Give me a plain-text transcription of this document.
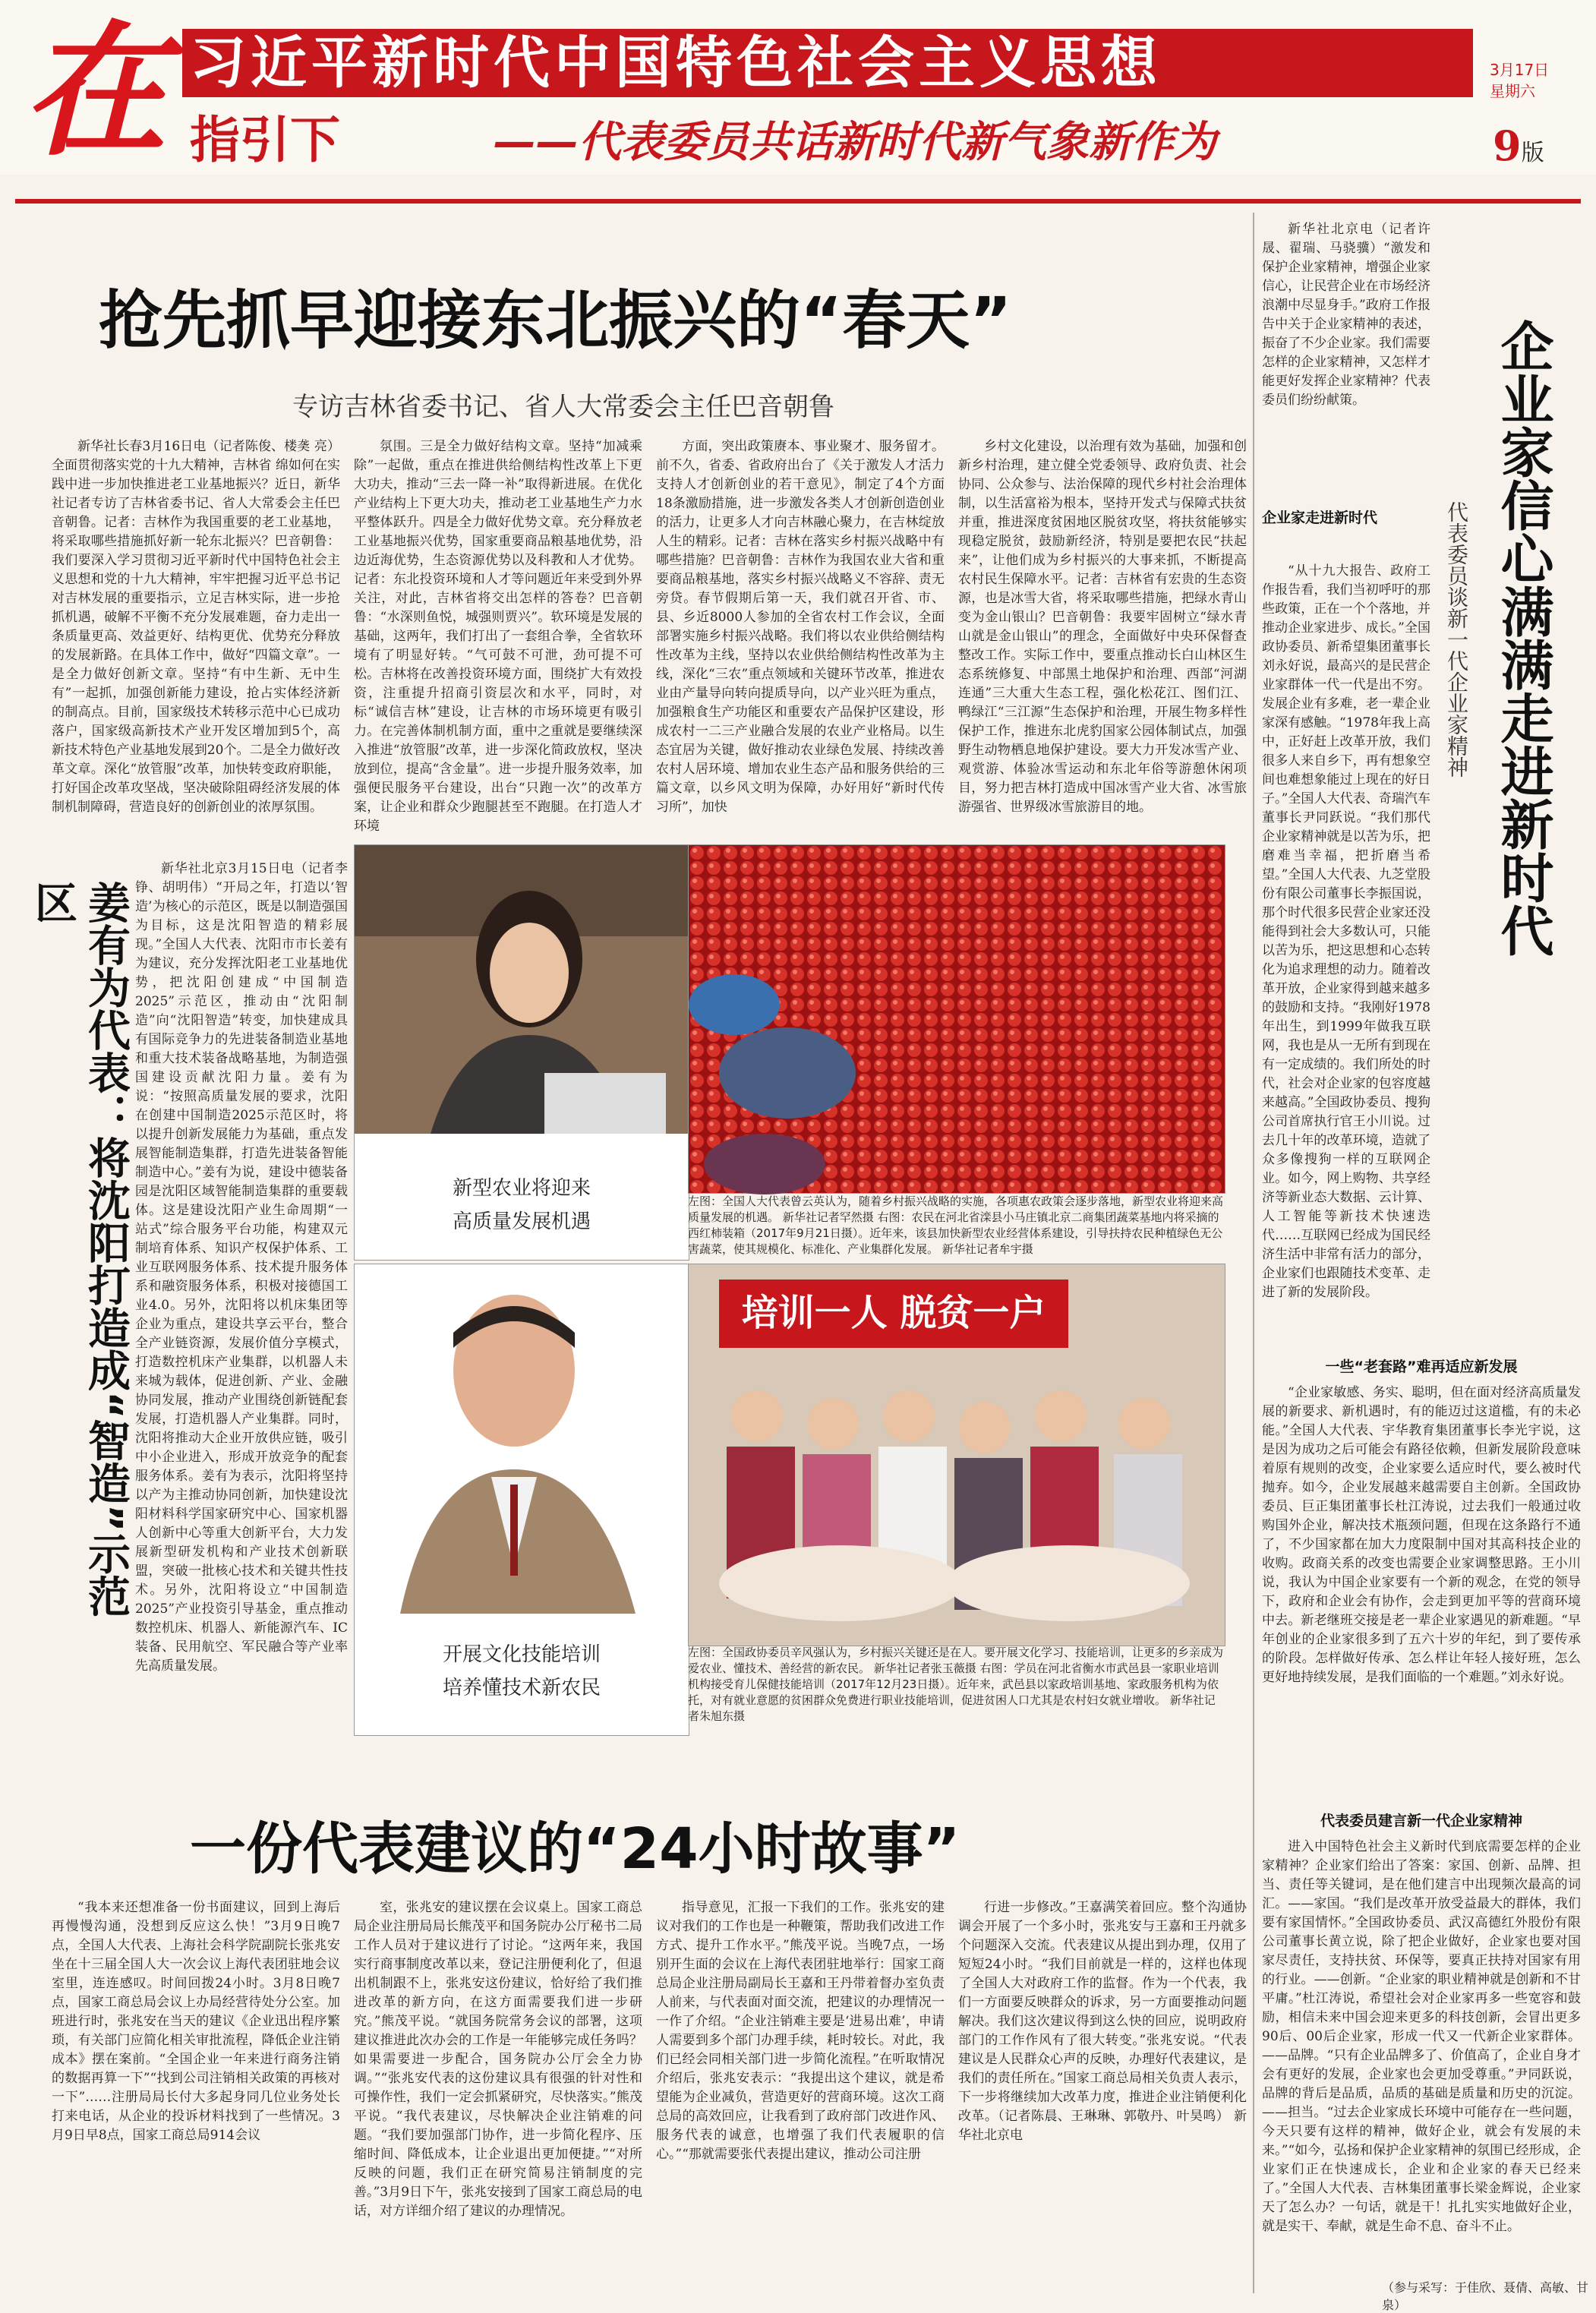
在 习近平新时代中国特色社会主义思想
指引下	——代表委员共话新时代新气象新作为
3月17日
星期六
9版
抢先抓早迎接东北振兴的“春天”
专访吉林省委书记、省人大常委会主任巴音朝鲁

新华社长春3月16日电（记者陈俊、楼䶮 亮）全面贯彻落实党的十九大精神，吉林省 绵如何在实践中进一步加快推进老工业基地振兴？近日，新华社记者专访了吉林省委书记、省人大常委会主任巴音朝鲁。记者：吉林作为我国重要的老工业基地，将采取哪些措施抓好新一轮东北振兴？巴音朝鲁：我们要深入学习贯彻习近平新时代中国特色社会主义思想和党的十九大精神，牢牢把握习近平总书记对吉林发展的重要指示，立足吉林实际，进一步抢抓机遇，破解不平衡不充分发展难题，奋力走出一条质量更高、效益更好、结构更优、优势充分释放的发展新路。在具体工作中，做好“四篇文章”。一是全力做好创新文章。坚持“有中生新、无中生有”一起抓，加强创新能力建设，抢占实体经济新的制高点。目前，国家级技术转移示范中心已成功落户，国家级高新技术产业开发区增加到5个，高新技术特色产业基地发展到20个。二是全力做好改革文章。深化“放管服”改革，加快转变政府职能，打好国企改革攻坚战，坚决破除阻碍经济发展的体制机制障碍，营造良好的创新创业的浓厚氛围。

氛围。三是全力做好结构文章。坚持“加减乘除”一起做，重点在推进供给侧结构性改革上下更大功夫，推动“三去一降一补”取得新进展。在优化产业结构上下更大功夫，推动老工业基地生产力水平整体跃升。四是全力做好优势文章。充分释放老工业基地振兴优势，国家重要商品粮基地优势，沿边近海优势，生态资源优势以及科教和人才优势。记者：东北投资环境和人才等问题近年来受到外界关注，对此，吉林省将交出怎样的答卷？巴音朝鲁：“水深则鱼悦，城强则贾兴”。软环境是发展的基础，这两年，我们打出了一套组合拳，全省软环境有了明显好转。“气可鼓不可泄，劲可提不可松。吉林将在改善投资环境方面，围绕扩大有效投资，注重提升招商引资层次和水平，同时，对标“诚信吉林”建设，让吉林的市场环境更有吸引力。在完善体制机制方面，重中之重就是要继续深入推进“放管服”改革，进一步深化简政放权，坚决放到位，提高“含金量”。进一步提升服务效率，加强便民服务平台建设，出台“只跑一次”的改革方案，让企业和群众少跑腿甚至不跑腿。在打造人才环境

方面，突出政策赓本、事业聚才、服务留才。前不久，省委、省政府出台了《关于激发人才活力支持人才创新创业的若干意见》，制定了4个方面18条激励措施，进一步激发各类人才创新创造创业的活力，让更多人才向吉林融心聚力，在吉林绽放人生的精彩。记者：吉林在落实乡村振兴战略中有哪些措施？巴音朝鲁：吉林作为我国农业大省和重要商品粮基地，落实乡村振兴战略义不容辞、责无旁贷。春节假期后第一天，我们就召开省、市、县、乡近8000人参加的全省农村工作会议，全面部署实施乡村振兴战略。我们将以农业供给侧结构性改革为主线，坚持以农业供给侧结构性改革为主线，深化“三农”重点领域和关键环节改革，推进农业由产量导向转向提质导向，以产业兴旺为重点，加强粮食生产功能区和重要农产品保护区建设，形成农村一二三产业融合发展的农业产业格局。以生态宜居为关键，做好推动农业绿色发展、持续改善农村人居环境、增加农业生态产品和服务供给的三篇文章，以乡风文明为保障，办好用好“新时代传习所”，加快

乡村文化建设，以治理有效为基础，加强和创新乡村治理，建立健全党委领导、政府负责、社会协同、公众参与、法治保障的现代乡村社会治理体制，以生活富裕为根本，坚持开发式与保障式扶贫并重，推进深度贫困地区脱贫攻坚，将扶贫能够实现稳定脱贫，鼓励新经济，特别是要把农民“扶起来”，让他们成为乡村振兴的大事来抓，不断提高农村民生保障水平。记者：吉林省有宏贵的生态资源，也是冰雪大省，将采取哪些措施，把绿水青山变为金山银山？巴音朝鲁：我要牢固树立“绿水青山就是金山银山”的理念，全面做好中央环保督查整改工作。实际工作中，要重点推动长白山林区生态系统修复、中部黑土地保护和治理、西部“河湖连通”三大重大生态工程，强化松花江、图们江、鸭绿江“三江源”生态保护和治理，开展生物多样性保护工作，推进东北虎豹国家公园体制试点，加强野生动物栖息地保护建设。要大力开发冰雪产业、观赏游、体验冰雪运动和东北年俗等游憩休闲项目，努力把吉林打造成中国冰雪产业大省、冰雪旅游强省、世界级冰雪旅游目的地。

姜有为代表：将沈阳打造成“智造”示范区

新华社北京3月15日电（记者李铮、胡明伟）“开局之年，打造以‘智造’为核心的示范区，既是以制造强国为目标，这是沈阳智造的精彩展现。”全国人大代表、沈阳市市长姜有为建议，充分发挥沈阳老工业基地优势，把沈阳创建成“中国制造2025”示范区，推动由“沈阳制造”向“沈阳智造”转变，加快建成具有国际竞争力的先进装备制造业基地和重大技术装备战略基地，为制造强国建设贡献沈阳力量。姜有为说：“按照高质量发展的要求，沈阳在创建中国制造2025示范区时，将以提升创新发展能力为基础，重点发展智能制造集群，打造先进装备智能制造中心。”姜有为说，建设中德装备园是沈阳区域智能制造集群的重要载体。这是建设沈阳产业生命周期“一站式”综合服务平台功能，构建双元制培育体系、知识产权保护体系、工业互联网服务体系、技术提升服务体系和融资服务体系，积极对接德国工业4.0。另外，沈阳将以机床集团等企业为重点，建设共享云平台，整合全产业链资源，发展价值分享模式，打造数控机床产业集群，以机器人未来城为载体，促进创新、产业、金融协同发展，推动产业围绕创新链配套发展，打造机器人产业集群。同时，沈阳将推动大企业开放供应链，吸引中小企业进入，形成开放竞争的配套服务体系。姜有为表示，沈阳将坚持以产为主推动协同创新，加快建设沈阳材料科学国家研究中心、国家机器人创新中心等重大创新平台，大力发展新型研发机构和产业技术创新联盟，突破一批核心技术和关键共性技术。另外，沈阳将设立“中国制造2025”产业投资引导基金，重点推动数控机床、机器人、新能源汽车、IC装备、民用航空、军民融合等产业率先高质量发展。

新型农业将迎来
高质量发展机遇
左图：全国人大代表曾云英认为，随着乡村振兴战略的实施，各项惠农政策会逐步落地，新型农业将迎来高质量发展的机遇。 新华社记者罕然摄 右图：农民在河北省滦县小马庄镇北京二商集团蔬菜基地内将采摘的西红柿装箱（2017年9月21日摄）。近年来，该县加快新型农业经营体系建设，引导扶持农民种植绿色无公害蔬菜，使其规模化、标准化、产业集群化发展。 新华社记者牟宇摄
开展文化技能培训
培养懂技术新农民
培训一人 脱贫一户
左图：全国政协委员辛风强认为，乡村振兴关键还是在人。要开展文化学习、技能培训，让更多的乡亲成为爱农业、懂技术、善经营的新农民。 新华社记者张玉薇摄 右图：学员在河北省衡水市武邑县一家职业培训机构接受育儿保健技能培训（2017年12月23日摄）。近年来，武邑县以家政培训基地、家政服务机构为依托，对有就业意愿的贫困群众免费进行职业技能培训，促进贫困人口尤其是农村妇女就业增收。 新华社记者朱旭东摄
一份代表建议的“24小时故事”

“我本来还想准备一份书面建议，回到上海后再慢慢沟通，没想到反应这么快！”3月9日晚7点，全国人大代表、上海社会科学院副院长张兆安坐在十三届全国人大一次会议上海代表团驻地会议室里，连连感叹。时间回拨24小时。3月8日晚7点，国家工商总局会议上办局经营待处分公室。加班进行时，张兆安在当天的建议《企业迅出程序繁琐，有关部门应简化相关审批流程，降低企业注销成本》摆在案前。“全国企业一年来进行商务注销的数据再算一下”“找到公司注销相关政策的再核对一下”……注册局局长付大多起身同几位业务处长打来电话，从企业的投诉材料找到了一些情况。3月9日早8点，国家工商总局914会议

室，张兆安的建议摆在会议桌上。国家工商总局企业注册局局长熊茂平和国务院办公厅秘书二局工作人员对于建议进行了讨论。“这两年来，我国实行商事制度改革以来，登记注册便利化了，但退出机制跟不上，张兆安这份建议，恰好给了我们推进改革的新方向，在这方面需要我们进一步研究。”熊茂平说。“就国务院常务会议的部署，这项建议推进此次办会的工作是一年能够完成任务吗？如果需要进一步配合，国务院办公厅会全力协调。”“张兆安代表的这份建议具有很强的针对性和可操作性，我们一定会抓紧研究，尽快落实。”熊茂平说。“我代表建议，尽快解决企业注销难的问题。“我们要加强部门协作，进一步简化程序、压缩时间、降低成本，让企业退出更加便捷。”“对所反映的问题，我们正在研究简易注销制度的完善。”3月9日下午，张兆安接到了国家工商总局的电话，对方详细介绍了建议的办理情况。

指导意见，汇报一下我们的工作。张兆安的建议对我们的工作也是一种鞭策，帮助我们改进工作方式、提升工作水平。”熊茂平说。当晚7点，一场别开生面的会议在上海代表团驻地举行：国家工商总局企业注册局副局长王嘉和王丹带着督办室负责人前来，与代表面对面交流，把建议的办理情况一一作了介绍。“企业注销难主要是‘进易出难’，申请人需要到多个部门办理手续，耗时较长。对此，我们已经会同相关部门进一步简化流程。”在听取情况介绍后，张兆安表示：“我提出这个建议，就是希望能为企业减负，营造更好的营商环境。这次工商总局的高效回应，让我看到了政府部门改进作风、服务代表的诚意，也增强了我们代表履职的信心。”“那就需要张代表提出建议，推动公司注册

行进一步修改。”王嘉满笑着回应。整个沟通协调会开展了一个多小时，张兆安与王嘉和王丹就多个问题深入交流。代表建议从提出到办理，仅用了短短24小时。“我们目前就是一样的，这样也体现了全国人大对政府工作的监督。作为一个代表，我们一方面要反映群众的诉求，另一方面要推动问题解决。我们这次建议得到这么快的回应，说明政府部门的工作作风有了很大转变。”张兆安说。“代表建议是人民群众心声的反映，办理好代表建议，是我们的责任所在。”国家工商总局相关负责人表示，下一步将继续加大改革力度，推进企业注销便利化改革。（记者陈晨、王琳琳、郭敬丹、叶昊鸣） 新华社北京电

新华社北京电（记者许晟、翟瑞、马骁骥）“激发和保护企业家精神，增强企业家信心，让民营企业在市场经济浪潮中尽显身手。”政府工作报告中关于企业家精神的表述，振奋了不少企业家。我们需要怎样的企业家精神，又怎样才能更好发挥企业家精神？代表委员们纷纷献策。	企业家信心满满走进新时代
代表委员谈新一代企业家精神
企业家走进新时代

“从十九大报告、政府工作报告看，我们当初呼吁的那些政策，正在一个个落地，并推动企业家进步、成长。”全国政协委员、新希望集团董事长刘永好说，最高兴的是民营企业家群体一代一代是出不穷。发展企业有多难，老一辈企业家深有感触。“1978年我上高中，正好赶上改革开放，我们很多人来自乡下，再有想象空间也难想象能过上现在的好日子。”全国人大代表、奇瑞汽车董事长尹同跃说。“我们那代企业家精神就是以苦为乐，把磨难当幸福，把折磨当希望。”全国人大代表、九芝堂股份有限公司董事长李振国说，那个时代很多民营企业家还没能得到社会大多数认可，只能以苦为乐，把这思想和心态转化为追求理想的动力。随着改革开放，企业家得到越来越多的鼓励和支持。“我刚好1978年出生，到1999年做我互联网，我也是从一无所有到现在有一定成绩的。我们所处的时代，社会对企业家的包容度越来越高。”全国政协委员、搜狗公司首席执行官王小川说。过去几十年的改革环境，造就了众多像搜狗一样的互联网企业。如今，网上购物、共享经济等新业态大数据、云计算、人工智能等新技术快速迭代……互联网已经成为国民经济生活中非常有活力的部分，企业家们也跟随技术变革、走进了新的发展阶段。

一些“老套路”难再适应新发展

“企业家敏感、务实、聪明，但在面对经济高质量发展的新要求、新机遇时，有的能迈过这道槛，有的未必能。”全国人大代表、宇华教育集团董事长李光宇说，这是因为成功之后可能会有路径依赖，但新发展阶段意味着原有规则的改变，企业家要么适应时代，要么被时代抛弃。如今，企业发展越来越需要自主创新。全国政协委员、巨正集团董事长杜江涛说，过去我们一般通过收购国外企业，解决技术瓶颈问题，但现在这条路行不通了，不少国家都在加大力度限制中国对其高科技企业的收购。政商关系的改变也需要企业家调整思路。王小川说，我认为中国企业家要有一个新的观念，在党的领导下，政府和企业会有协作，会走到更加平等的营商环境中去。新老继班交接是老一辈企业家遇见的新难题。“早年创业的企业家很多到了五六十岁的年纪，到了要传承的阶段。怎样做好传承、怎么样让年轻人接好班，怎么更好地持续发展，是我们面临的一个难题。”刘永好说。

代表委员建言新一代企业家精神

进入中国特色社会主义新时代到底需要怎样的企业家精神？企业家们给出了答案：家国、创新、品牌、担当、责任等关键词，是在他们建言中出现频次最高的词汇。——家国。“我们是改革开放受益最大的群体，我们要有家国情怀。”全国政协委员、武汉高德红外股份有限公司董事长黄立说，除了把企业做好，企业家也要对国家尽责任，支持扶贫、环保等，要真正扶持对国家有用的行业。——创新。“企业家的职业精神就是创新和不甘平庸。”杜江涛说，希望社会对企业家再多一些宽容和鼓励，相信未来中国会迎来更多的科技创新，会冒出更多90后、00后企业家，形成一代又一代新企业家群体。——品牌。“只有企业品牌多了、价值高了，企业自身才会有更好的发展，企业家也会更加受尊重。”尹同跃说，品牌的背后是品质，品质的基础是质量和历史的沉淀。——担当。“过去企业家成长环境中可能存在一些问题，今天只要有这样的精神，做好企业，就会有发展的未来。”“如今，弘扬和保护企业家精神的氛围已经形成，企业家们正在快速成长，企业和企业家的春天已经来了。”全国人大代表、吉林集团董事长梁金辉说，企业家天了怎么办？一句话，就是干！扎扎实实地做好企业，就是实干、奉献，就是生命不息、奋斗不止。

（参与采写：于佳欣、聂倩、高敏、甘泉）
